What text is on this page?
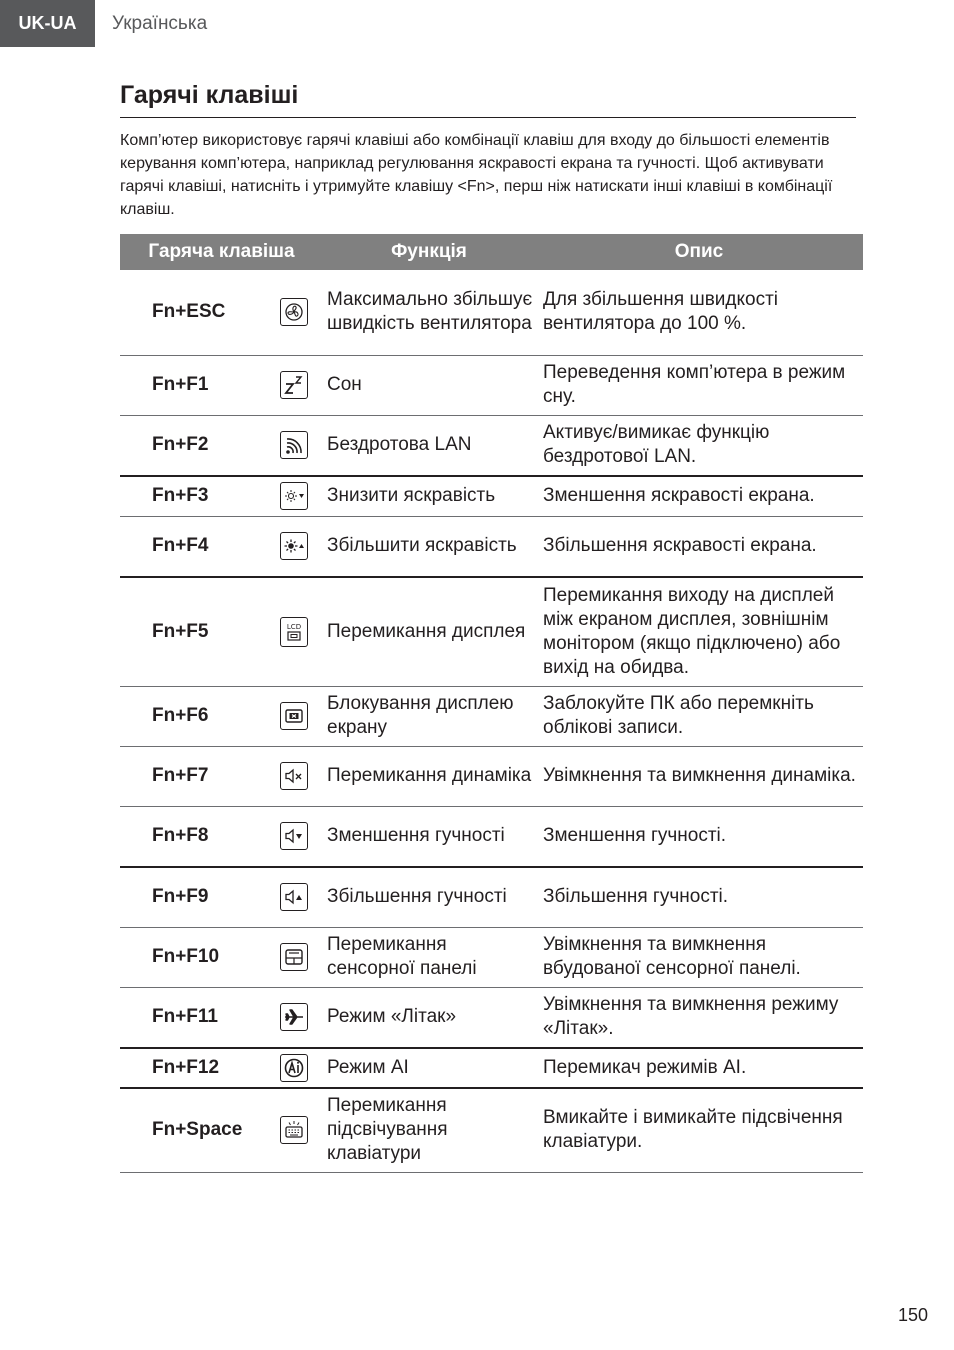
UK-UA	Українська
Гарячі клавіші

Комп’ютер використовує гарячі клавіші або комбінації клавіш для входу до більшості елементів керування комп’ютера, наприклад регулювання яскравості екрана та гучності. Щоб активувати гарячі клавіші, натисніть і утримуйте клавішу <Fn>, перш ніж натискати інші клавіші в комбінації клавіш.

Гаряча клавіша		Функція	Опис
Fn+ESC		Максимально збільшує швидкість вентилятора	Для збільшення швидкості вентилятора до 100 %.
Fn+F1		Сон	Переведення комп’ютера в режим сну.
Fn+F2		Бездротова LAN	Активує/вимикає функцію бездротової LAN.
Fn+F3		Знизити яскравість	Зменшення яскравості екрана.
Fn+F4		Збільшити яскравість	Збільшення яскравості екрана.
Fn+F5	LCD	Перемикання дисплея	Перемикання виходу на дисплей між екраном дисплея, зовнішнім монітором (якщо підключено) або вихід на обидва.
Fn+F6		Блокування дисплею екрану	Заблокуйте ПК або перемкніть облікові записи.
Fn+F7		Перемикання динаміка	Увімкнення та вимкнення динаміка.
Fn+F8		Зменшення гучності	Зменшення гучності.
Fn+F9		Збільшення гучності	Збільшення гучності.
Fn+F10		Перемикання сенсорної панелі	Увімкнення та вимкнення вбудованої сенсорної панелі.
Fn+F11		Режим «Літак»	Увімкнення та вимкнення режиму «Літак».
Fn+F12		Режим AI	Перемикач режимів AI.
Fn+Space		Перемикання підсвічування клавіатури	Вмикайте і вимикайте підсвічення клавіатури.
150
